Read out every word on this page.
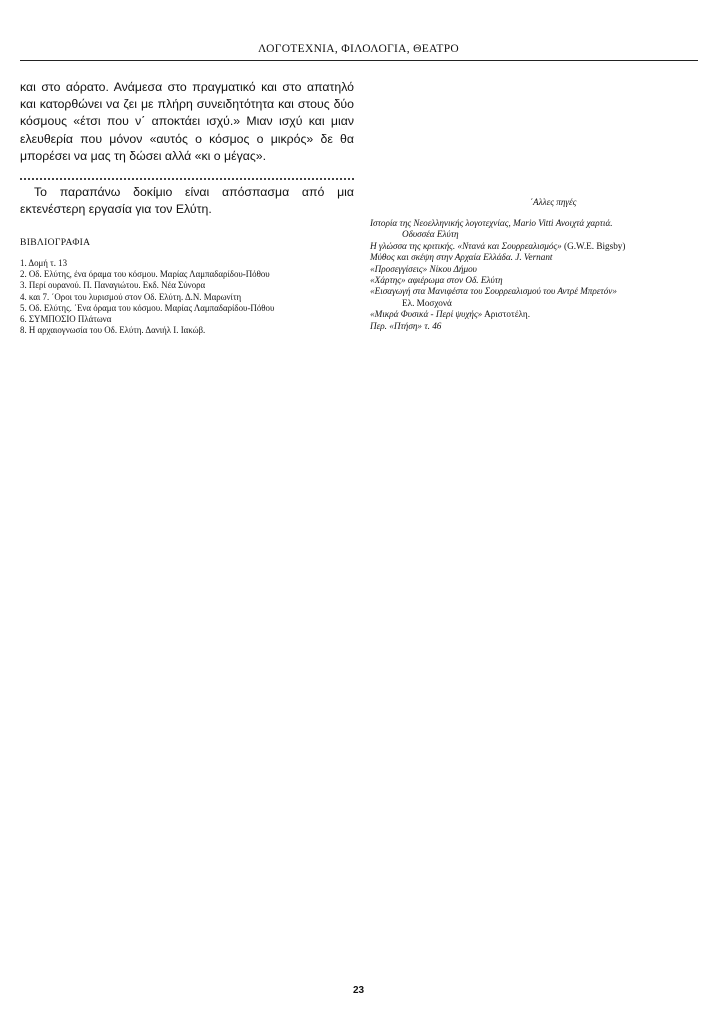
ΛΟΓΟΤΕΧΝΙΑ, ΦΙΛΟΛΟΓΙΑ, ΘΕΑΤΡΟ

και στο αόρατο. Ανάμεσα στο πραγματικό και στο απατηλό και κατορθώνει να ζει με πλήρη συνειδητότητα και στους δύο κόσμους «έτσι που ν΄ αποκτάει ισχύ.» Μιαν ισχύ και μιαν ελευθερία που μόνον «αυτός ο κόσμος ο μικρός» δε θα μπορέσει να μας τη δώσει αλλά «κι ο μέγας».

Το παραπάνω δοκίμιο είναι απόσπασμα από μια εκτενέστερη εργασία για τον Ελύτη.

ΒΙΒΛΙΟΓΡΑΦΙΑ
1. Δομή τ. 13
2. Οδ. Ελύτης, ένα όραμα του κόσμου. Μαρίας Λαμπαδαρίδου-Πόθου
3. Περί ουρανού. Π. Παναγιώτου. Εκδ. Νέα Σύνορα
4. και 7. ΄Οροι του λυρισμού στον Οδ. Ελύτη. Δ.Ν. Μαρωνίτη
5. Οδ. Ελύτης. ΄Ενα όραμα του κόσμου. Μαρίας Λαμπαδαρίδου-Πόθου
6. ΣΥΜΠΟΣΙΟ Πλάτωνα
8. Η αρχαιογνωσία του Οδ. Ελύτη. Δανιήλ Ι. Ιακώβ.
΄Αλλες πηγές
Ιστορία της Νεοελληνικής λογοτεχνίας, Mario Vitti Ανοιχτά χαρτιά.
Οδυσσέα Ελύτη
Η γλώσσα της κριτικής. «Ντανά και Σουρρεαλισμός» (G.W.E. Bigsby)
Μύθος και σκέψη στην Αρχαία Ελλάδα. J. Vernant
«Προσεγγίσεις» Νίκου Δήμου
«Χάρτης» αφιέρωμα στον Οδ. Ελύτη
«Εισαγωγή στα Μανιφέστα του Σουρρεαλισμού του Αντρέ Μπρετόν»
Ελ. Μοσχονά
«Μικρά Φυσικά - Περί ψυχής» Αριστοτέλη.
Περ. «Πτήση» τ. 46
23
